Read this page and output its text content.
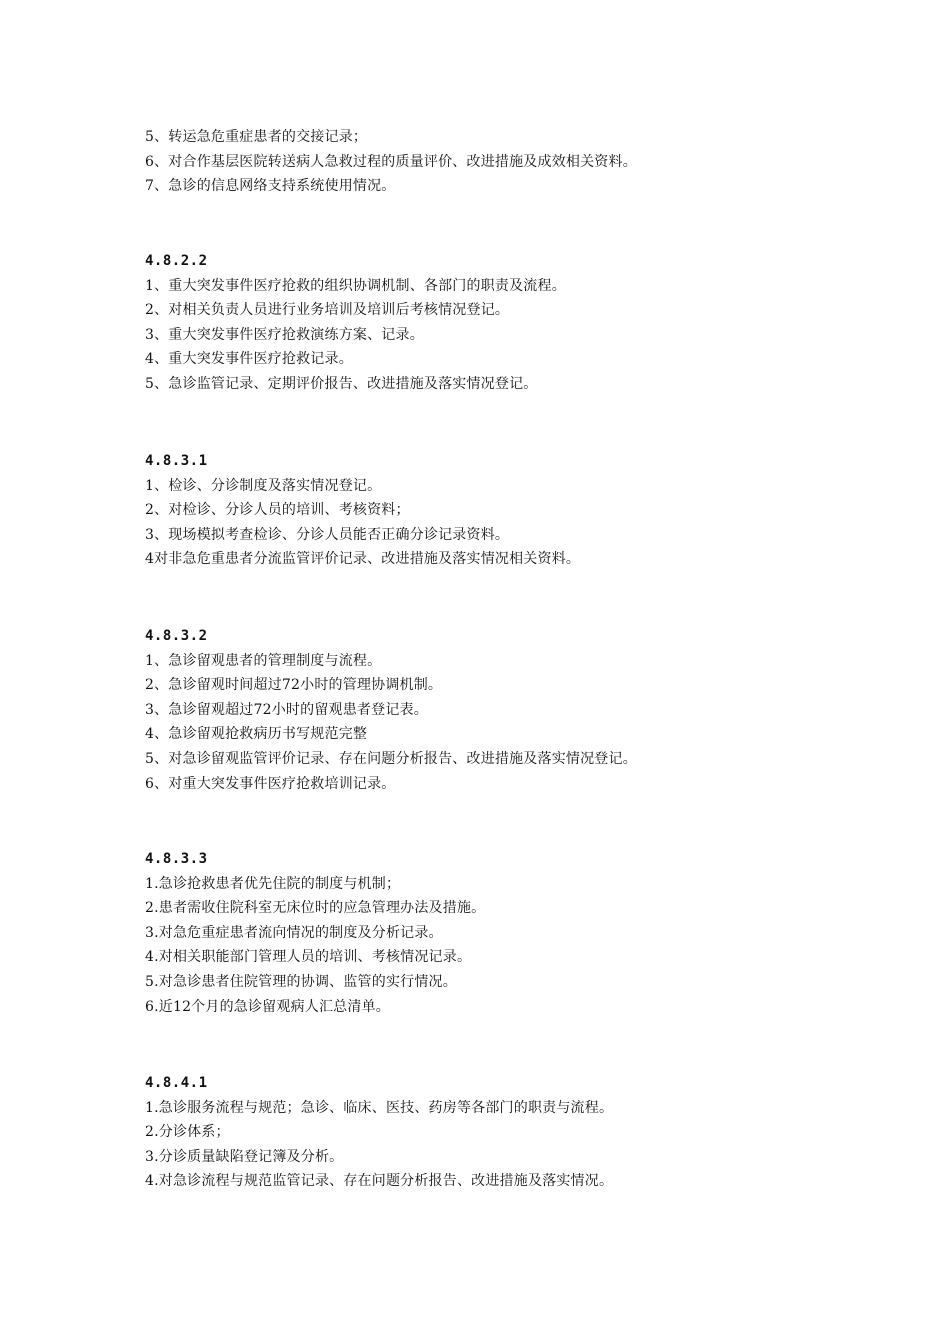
5、转运急危重症患者的交接记录；
6、对合作基层医院转送病人急救过程的质量评价、改进措施及成效相关资料。
7、急诊的信息网络支持系统使用情况。
4.8.2.2
1、重大突发事件医疗抢救的组织协调机制、各部门的职责及流程。
2、对相关负责人员进行业务培训及培训后考核情况登记。
3、重大突发事件医疗抢救演练方案、记录。
4、重大突发事件医疗抢救记录。
5、急诊监管记录、定期评价报告、改进措施及落实情况登记。
4.8.3.1
1、检诊、分诊制度及落实情况登记。
2、对检诊、分诊人员的培训、考核资料；
3、现场模拟考查检诊、分诊人员能否正确分诊记录资料。
4对非急危重患者分流监管评价记录、改进措施及落实情况相关资料。
4.8.3.2
1、急诊留观患者的管理制度与流程。
2、急诊留观时间超过72小时的管理协调机制。
3、急诊留观超过72小时的留观患者登记表。
4、急诊留观抢救病历书写规范完整
5、对急诊留观监管评价记录、存在问题分析报告、改进措施及落实情况登记。
6、对重大突发事件医疗抢救培训记录。
4.8.3.3
1.急诊抢救患者优先住院的制度与机制；
2.患者需收住院科室无床位时的应急管理办法及措施。
3.对急危重症患者流向情况的制度及分析记录。
4.对相关职能部门管理人员的培训、考核情况记录。
5.对急诊患者住院管理的协调、监管的实行情况。
6.近12个月的急诊留观病人汇总清单。
4.8.4.1
1.急诊服务流程与规范；急诊、临床、医技、药房等各部门的职责与流程。
2.分诊体系；
3.分诊质量缺陷登记簿及分析。
4.对急诊流程与规范监管记录、存在问题分析报告、改进措施及落实情况。
